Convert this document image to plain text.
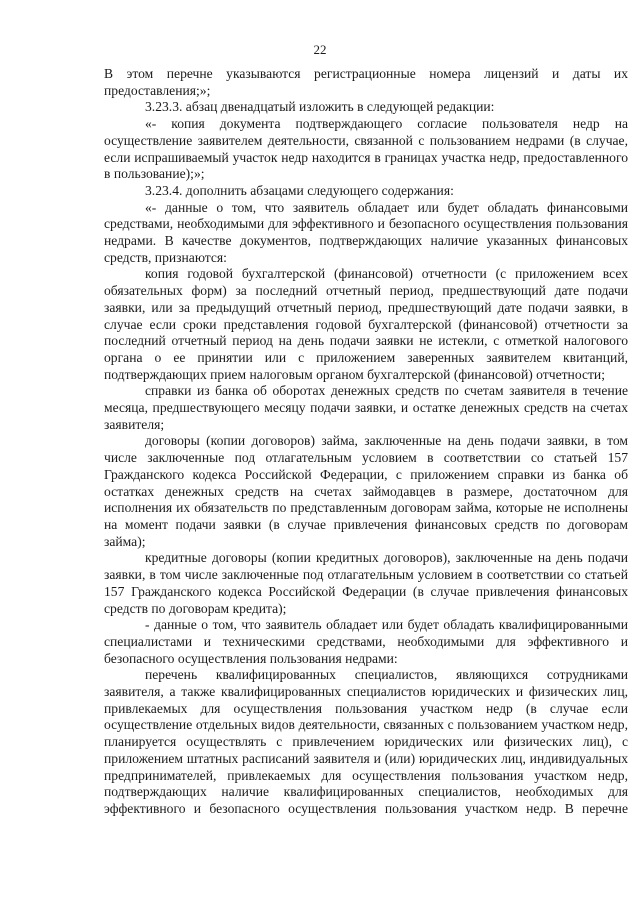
22

В этом перечне указываются регистрационные номера лицензий и даты их предоставления;»;

3.23.3. абзац двенадцатый изложить в следующей редакции:

«- копия документа подтверждающего согласие пользователя недр на осуществление заявителем деятельности, связанной с пользованием недрами (в случае, если испрашиваемый участок недр находится в границах участка недр, предоставленного в пользование);»;

3.23.4. дополнить абзацами следующего содержания:

«- данные о том, что заявитель обладает или будет обладать финансовыми средствами, необходимыми для эффективного и безопасного осуществления пользования недрами. В качестве документов, подтверждающих наличие указанных финансовых средств, признаются:

копия годовой бухгалтерской (финансовой) отчетности (с приложением всех обязательных форм) за последний отчетный период, предшествующий дате подачи заявки, или за предыдущий отчетный период, предшествующий дате подачи заявки, в случае если сроки представления годовой бухгалтерской (финансовой) отчетности за последний отчетный период на день подачи заявки не истекли, с отметкой налогового органа о ее принятии или с приложением заверенных заявителем квитанций, подтверждающих прием налоговым органом бухгалтерской (финансовой) отчетности;

справки из банка об оборотах денежных средств по счетам заявителя в течение месяца, предшествующего месяцу подачи заявки, и остатке денежных средств на счетах заявителя;

договоры (копии договоров) займа, заключенные на день подачи заявки, в том числе заключенные под отлагательным условием в соответствии со статьей 157 Гражданского кодекса Российской Федерации, с приложением справки из банка об остатках денежных средств на счетах займодавцев в размере, достаточном для исполнения их обязательств по представленным договорам займа, которые не исполнены на момент подачи заявки (в случае привлечения финансовых средств по договорам займа);

кредитные договоры (копии кредитных договоров), заключенные на день подачи заявки, в том числе заключенные под отлагательным условием в соответствии со статьей 157 Гражданского кодекса Российской Федерации (в случае привлечения финансовых средств по договорам кредита);

- данные о том, что заявитель обладает или будет обладать квалифицированными специалистами и техническими средствами, необходимыми для эффективного и безопасного осуществления пользования недрами:

перечень квалифицированных специалистов, являющихся сотрудниками заявителя, а также квалифицированных специалистов юридических и физических лиц, привлекаемых для осуществления пользования участком недр (в случае если осуществление отдельных видов деятельности, связанных с пользованием участком недр, планируется осуществлять с привлечением юридических или физических лиц), с приложением штатных расписаний заявителя и (или) юридических лиц, индивидуальных предпринимателей, привлекаемых для осуществления пользования участком недр, подтверждающих наличие квалифицированных специалистов, необходимых для эффективного и безопасного осуществления пользования участком недр. В перечне
